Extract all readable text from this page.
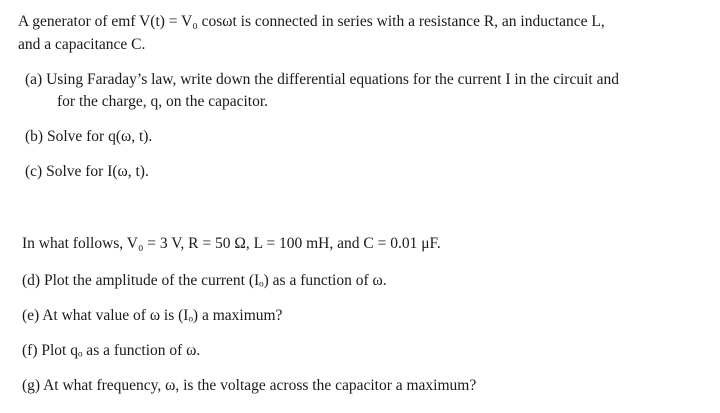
A generator of emf V(t) = V₀ cosωt is connected in series with a resistance R, an inductance L,
and a capacitance C.
(a) Using Faraday’s law, write down the differential equations for the current I in the circuit and
for the charge, q, on the capacitor.
(b) Solve for q(ω, t).
(c) Solve for I(ω, t).
In what follows, V₀ = 3 V, R = 50 Ω, L = 100 mH, and C = 0.01 μF.
(d) Plot the amplitude of the current (Iₒ) as a function of ω.
(e) At what value of ω is (Iₒ) a maximum?
(f) Plot qₒ as a function of ω.
(g) At what frequency, ω, is the voltage across the capacitor a maximum?
